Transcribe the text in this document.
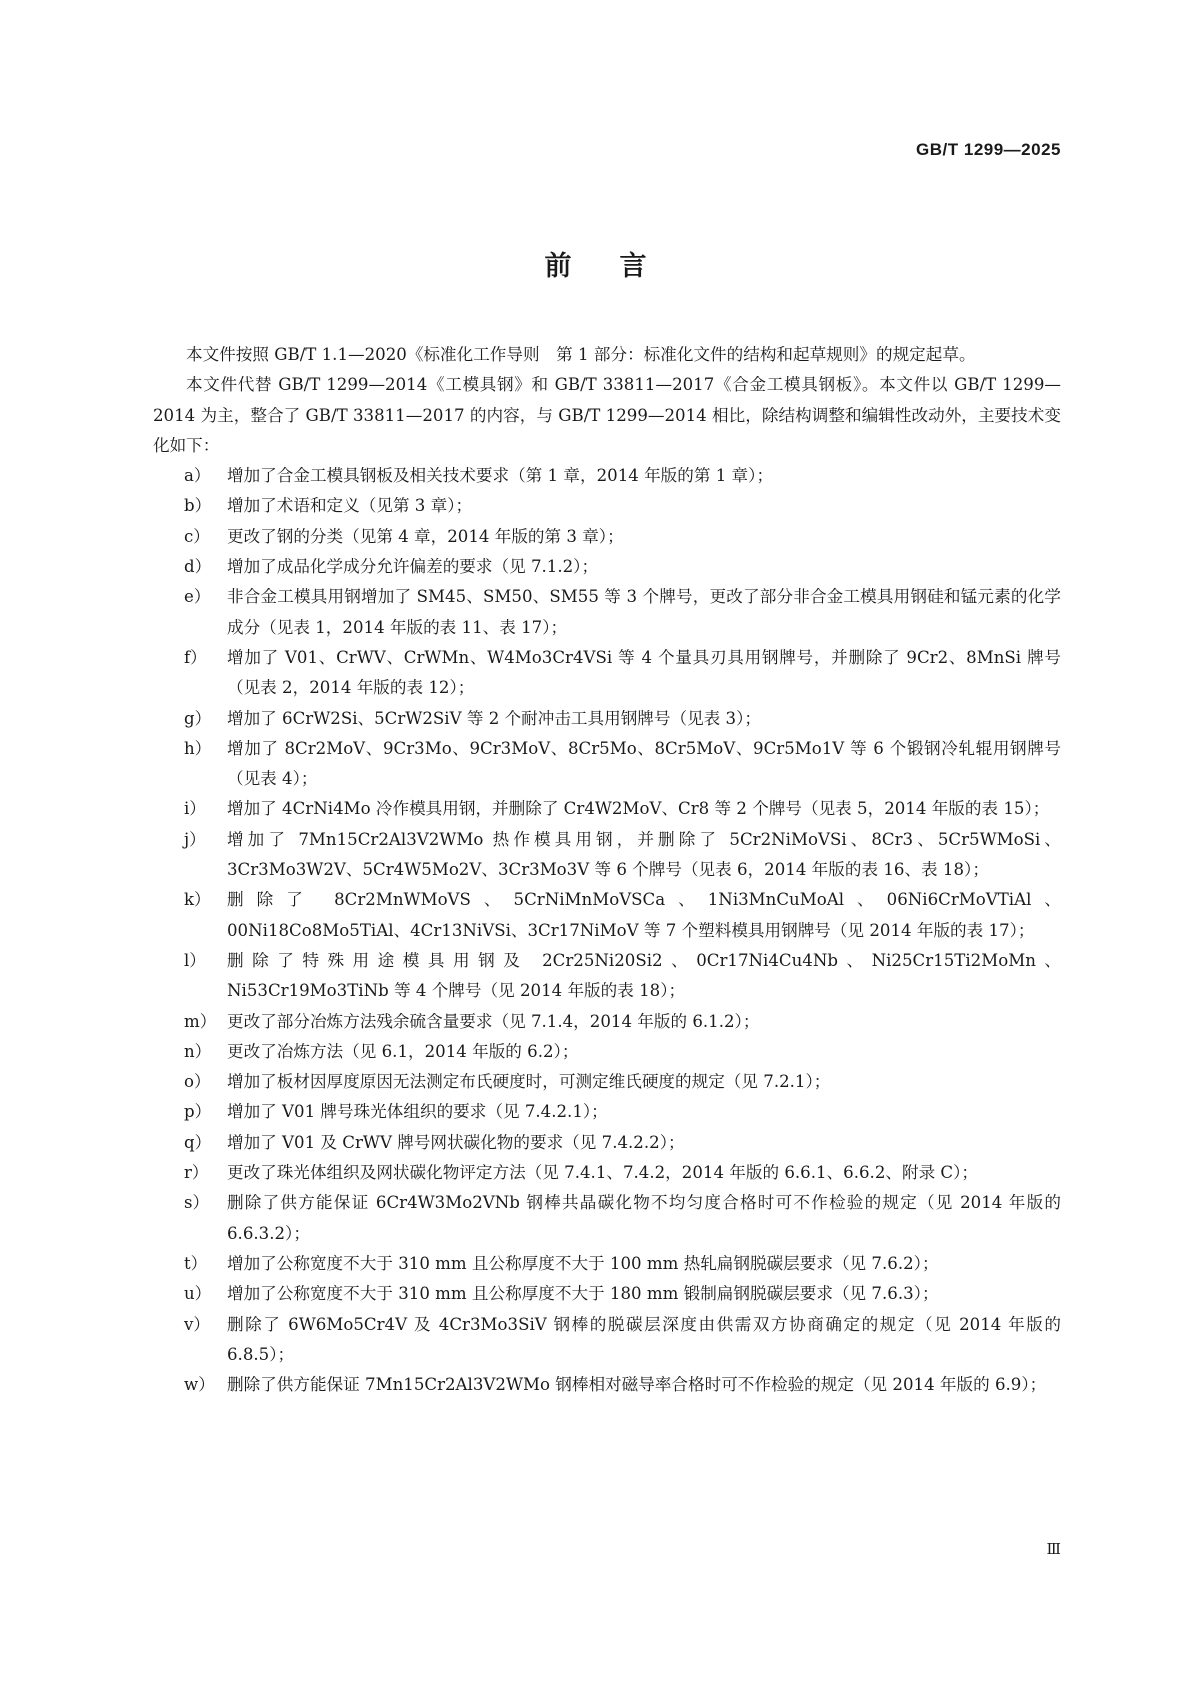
GB/T 1299—2025
前言

本文件按照 GB/T 1.1—2020《标准化工作导则　第 1 部分：标准化文件的结构和起草规则》的规定起草。

本文件代替 GB/T 1299—2014《工模具钢》和 GB/T 33811—2017《合金工模具钢板》。本文件以 GB/T 1299—2014 为主，整合了 GB/T 33811—2017 的内容，与 GB/T 1299—2014 相比，除结构调整和编辑性改动外，主要技术变化如下：

a） 增加了合金工模具钢板及相关技术要求（第 1 章，2014 年版的第 1 章）；
b） 增加了术语和定义（见第 3 章）；
c） 更改了钢的分类（见第 4 章，2014 年版的第 3 章）；
d） 增加了成品化学成分允许偏差的要求（见 7.1.2）；
e） 非合金工模具用钢增加了 SM45、SM50、SM55 等 3 个牌号，更改了部分非合金工模具用钢硅和锰元素的化学成分（见表 1，2014 年版的表 11、表 17）；
f） 增加了 V01、CrWV、CrWMn、W4Mo3Cr4VSi 等 4 个量具刃具用钢牌号，并删除了 9Cr2、8MnSi 牌号（见表 2，2014 年版的表 12）；
g） 增加了 6CrW2Si、5CrW2SiV 等 2 个耐冲击工具用钢牌号（见表 3）；
h） 增加了 8Cr2MoV、9Cr3Mo、9Cr3MoV、8Cr5Mo、8Cr5MoV、9Cr5Mo1V 等 6 个锻钢冷轧辊用钢牌号（见表 4）；
i） 增加了 4CrNi4Mo 冷作模具用钢，并删除了 Cr4W2MoV、Cr8 等 2 个牌号（见表 5，2014 年版的表 15）；
j） 增加了 7Mn15Cr2Al3V2WMo 热作模具用钢，并删除了 5Cr2NiMoVSi、8Cr3、5Cr5WMoSi、3Cr3Mo3W2V、5Cr4W5Mo2V、3Cr3Mo3V 等 6 个牌号（见表 6，2014 年版的表 16、表 18）；
k） 删除了 8Cr2MnWMoVS、5CrNiMnMoVSCa、1Ni3MnCuMoAl、06Ni6CrMoVTiAl、00Ni18Co8Mo5TiAl、4Cr13NiVSi、3Cr17NiMoV 等 7 个塑料模具用钢牌号（见 2014 年版的表 17）；
l） 删除了特殊用途模具用钢及 2Cr25Ni20Si2、0Cr17Ni4Cu4Nb、Ni25Cr15Ti2MoMn、Ni53Cr19Mo3TiNb 等 4 个牌号（见 2014 年版的表 18）；
m） 更改了部分冶炼方法残余硫含量要求（见 7.1.4，2014 年版的 6.1.2）；
n） 更改了冶炼方法（见 6.1，2014 年版的 6.2）；
o） 增加了板材因厚度原因无法测定布氏硬度时，可测定维氏硬度的规定（见 7.2.1）；
p） 增加了 V01 牌号珠光体组织的要求（见 7.4.2.1）；
q） 增加了 V01 及 CrWV 牌号网状碳化物的要求（见 7.4.2.2）；
r） 更改了珠光体组织及网状碳化物评定方法（见 7.4.1、7.4.2，2014 年版的 6.6.1、6.6.2、附录 C）；
s） 删除了供方能保证 6Cr4W3Mo2VNb 钢棒共晶碳化物不均匀度合格时可不作检验的规定（见 2014 年版的 6.6.3.2）；
t） 增加了公称宽度不大于 310 mm 且公称厚度不大于 100 mm 热轧扁钢脱碳层要求（见 7.6.2）；
u） 增加了公称宽度不大于 310 mm 且公称厚度不大于 180 mm 锻制扁钢脱碳层要求（见 7.6.3）；
v） 删除了 6W6Mo5Cr4V 及 4Cr3Mo3SiV 钢棒的脱碳层深度由供需双方协商确定的规定（见 2014 年版的 6.8.5）；
w） 删除了供方能保证 7Mn15Cr2Al3V2WMo 钢棒相对磁导率合格时可不作检验的规定（见 2014 年版的 6.9）；
Ⅲ
